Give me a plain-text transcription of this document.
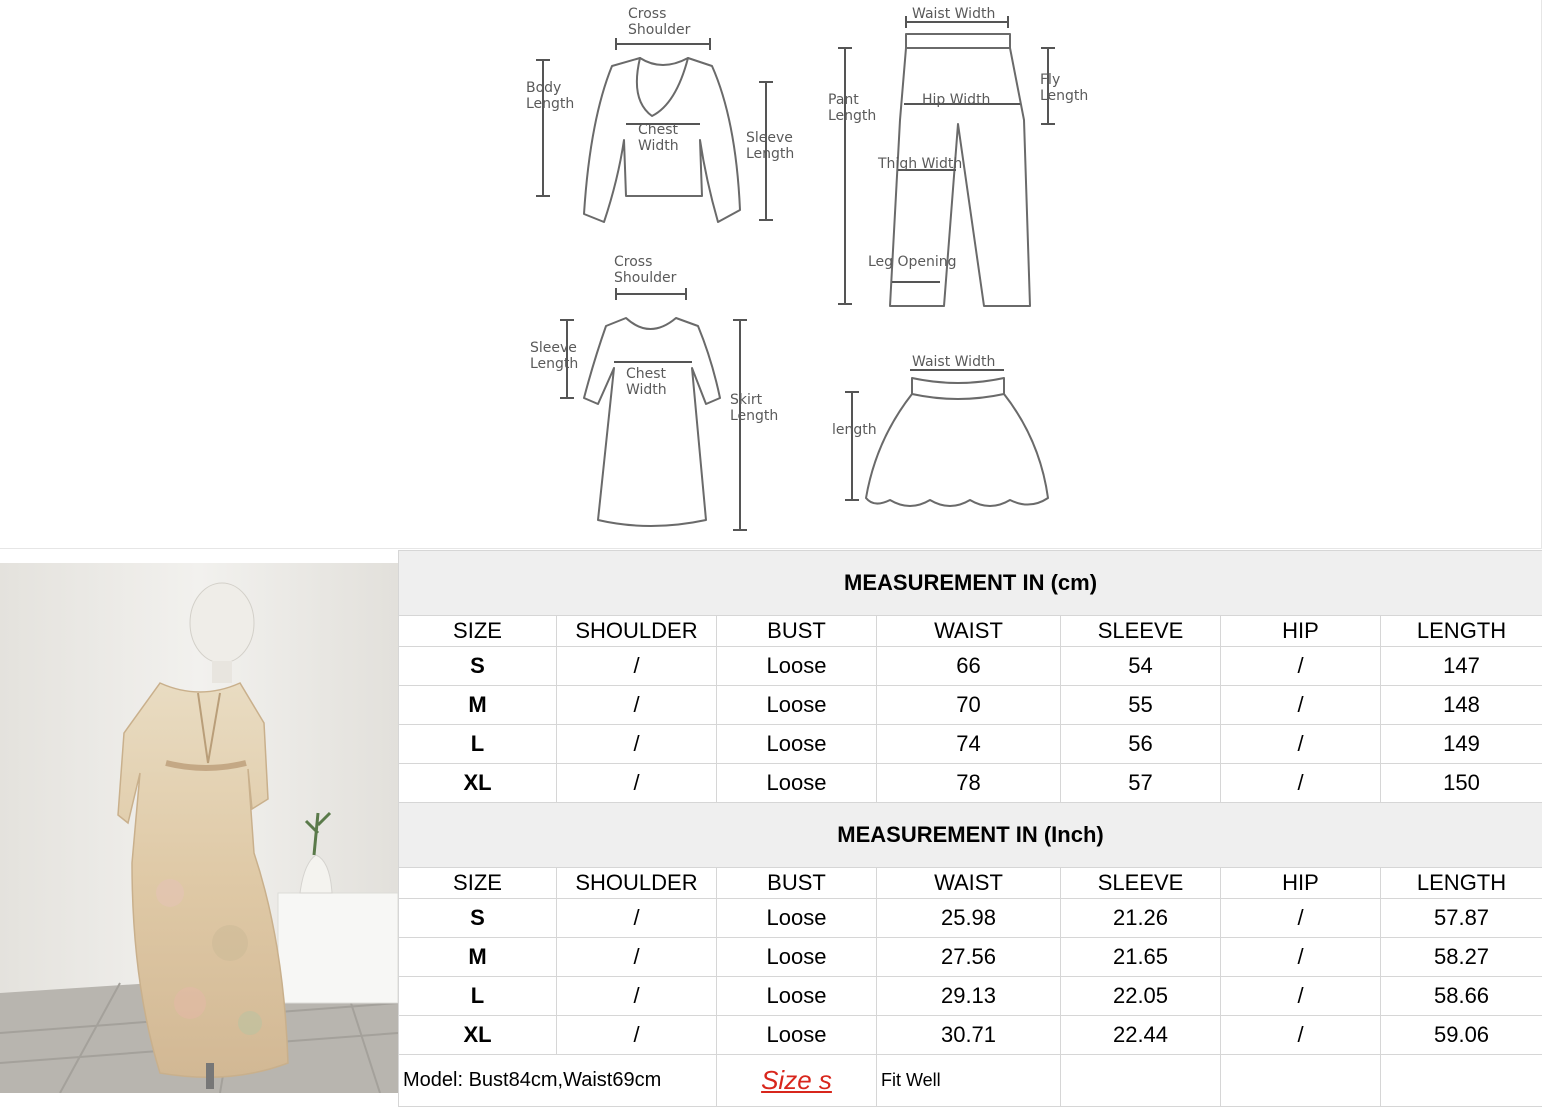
Cross
Shoulder
Body
Length
Sleeve
Length
Chest
Width
Waist Width
Pant
Length
Fly
Length
Hip Width
Thigh Width
Leg Opening
Cross
Shoulder
Sleeve
Length
Skirt
Length
Chest
Width
Waist Width
length
MEASUREMENT IN (cm)						
SIZE	SHOULDER	BUST	WAIST	SLEEVE	HIP	LENGTH
S	/	Loose	66	54	/	147
M	/	Loose	70	55	/	148
L	/	Loose	74	56	/	149
XL	/	Loose	78	57	/	150
MEASUREMENT IN (Inch)						
SIZE	SHOULDER	BUST	WAIST	SLEEVE	HIP	LENGTH
S	/	Loose	25.98	21.26	/	57.87
M	/	Loose	27.56	21.65	/	58.27
L	/	Loose	29.13	22.05	/	58.66
XL	/	Loose	30.71	22.44	/	59.06
Model: Bust84cm,Waist69cm		Size s	Fit Well			
